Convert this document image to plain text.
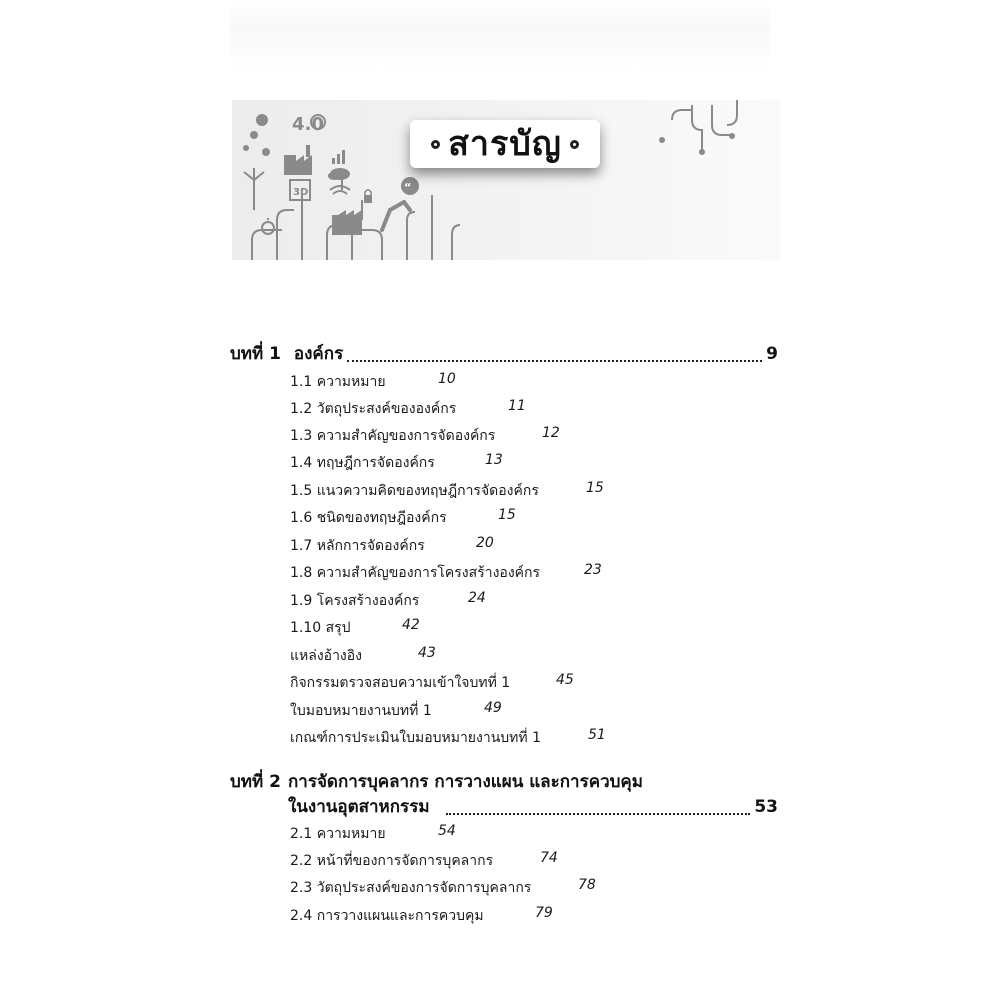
4.0
3D	“
สารบัญ
บทที่ 1 องค์กร	9
1.1 ความหมาย	10
1.2 วัตถุประสงค์ขององค์กร	11
1.3 ความสำคัญของการจัดองค์กร	12
1.4 ทฤษฎีการจัดองค์กร	13
1.5 แนวความคิดของทฤษฎีการจัดองค์กร	15
1.6 ชนิดของทฤษฎีองค์กร	15
1.7 หลักการจัดองค์กร	20
1.8 ความสำคัญของการโครงสร้างองค์กร	23
1.9 โครงสร้างองค์กร	24
1.10 สรุป	42
แหล่งอ้างอิง	43
กิจกรรมตรวจสอบความเข้าใจบทที่ 1	45
ใบมอบหมายงานบทที่ 1	49
เกณฑ์การประเมินใบมอบหมายงานบทที่ 1	51
บทที่ 2 การจัดการบุคลากร การวางแผน และการควบคุม
ในงานอุตสาหกรรม	53
2.1 ความหมาย	54
2.2 หน้าที่ของการจัดการบุคลากร	74
2.3 วัตถุประสงค์ของการจัดการบุคลากร	78
2.4 การวางแผนและการควบคุม	79
